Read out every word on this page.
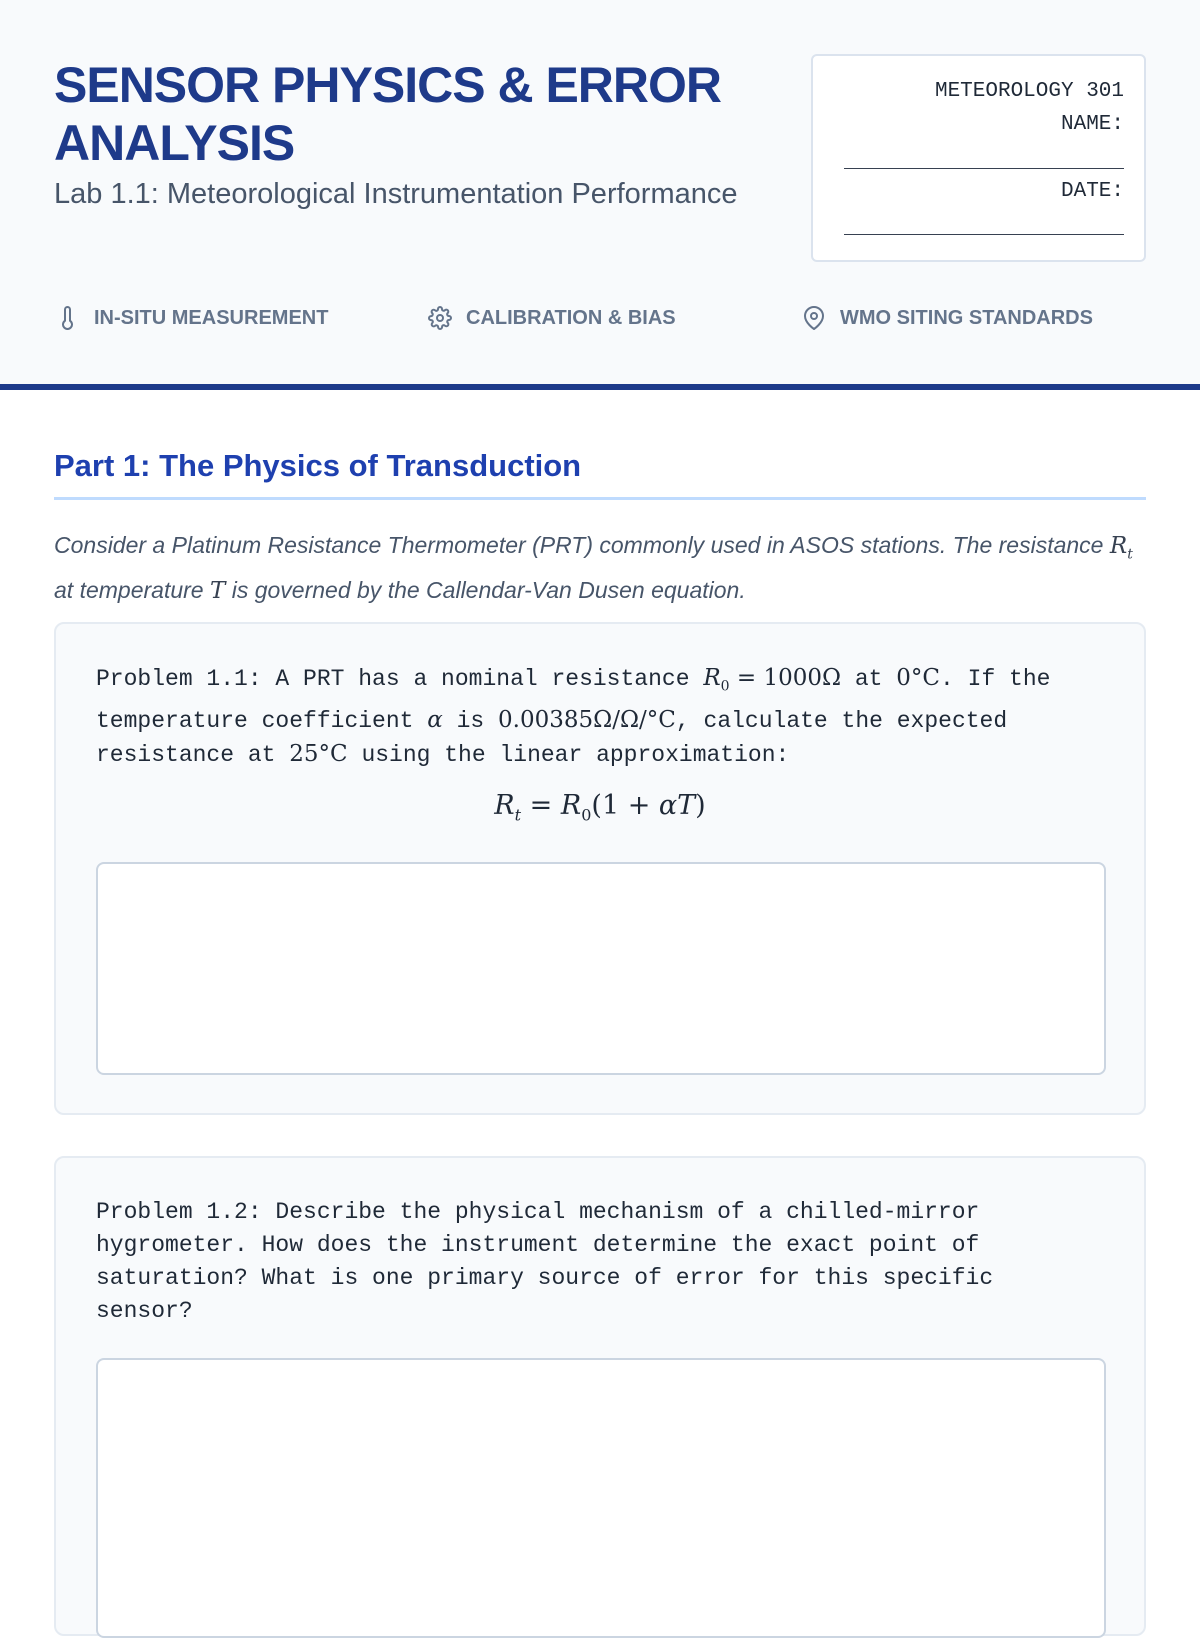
SENSOR PHYSICS & ERROR ANALYSIS
Lab 1.1: Meteorological Instrumentation Performance
METEOROLOGY 301
NAME:
DATE:
IN-SITU MEASUREMENT	CALIBRATION & BIAS	WMO SITING STANDARDS
Part 1: The Physics of Transduction

Consider a Platinum Resistance Thermometer (PRT) commonly used in ASOS stations. The resistance $R_t$ at temperature T is governed by the Callendar-Van Dusen equation.

Problem 1.1: A PRT has a nominal resistance $R_0 = 1000\Omega$ at 0°C. If the temperature coefficient α is 0.00385Ω/Ω/°C, calculate the expected resistance at 25°C using the linear approximation:

$R_t = R_0(1 + \alpha T)$

Problem 1.2: Describe the physical mechanism of a chilled-mirror hygrometer. How does the instrument determine the exact point of saturation? What is one primary source of error for this specific sensor?
